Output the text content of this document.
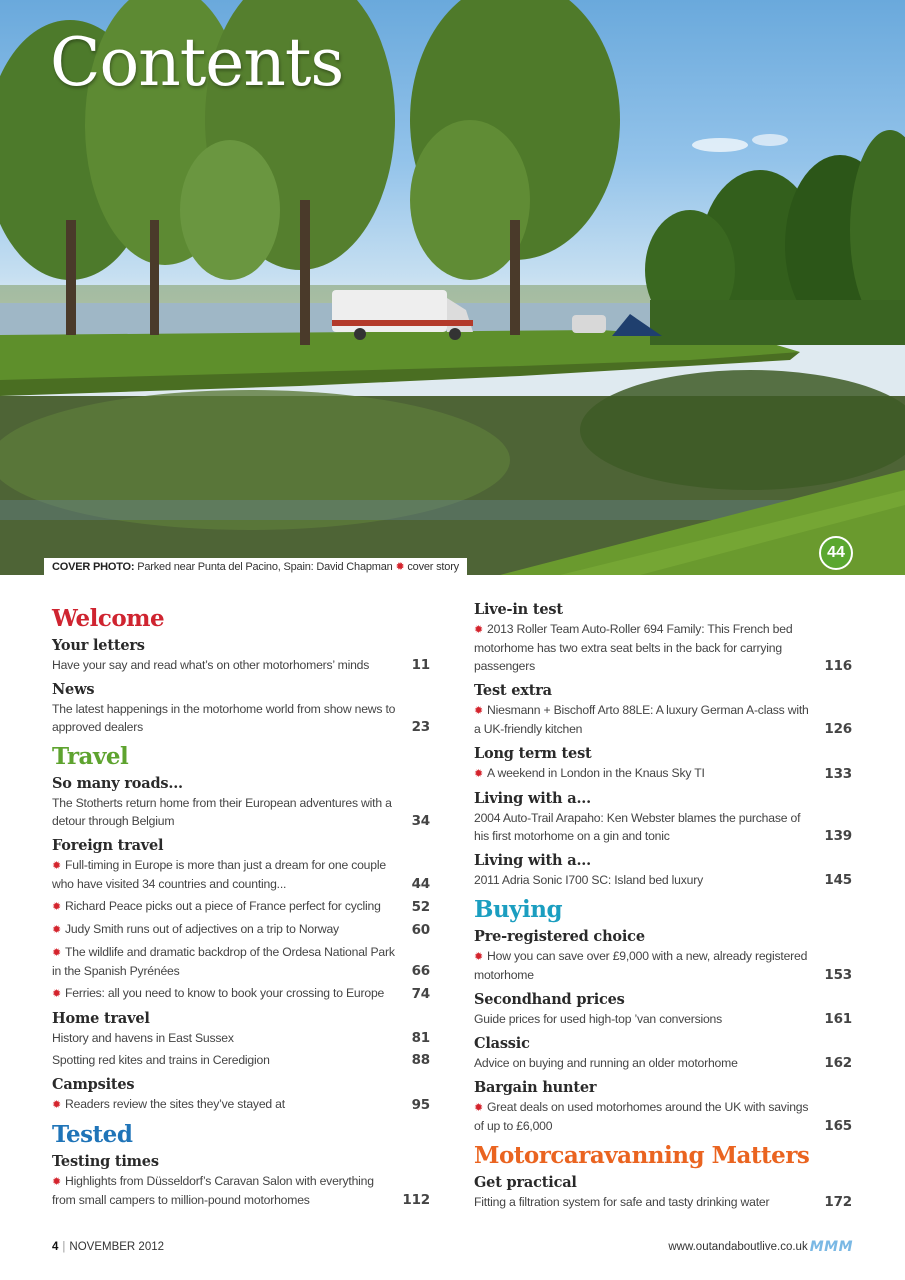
Contents
COVER PHOTO: Parked near Punta del Pacino, Spain: David Chapman ✹ cover story
44
Welcome
Your letters
Have your say and read what’s on other motorhomers’ minds	11
News
The latest happenings in the motorhome world from show news to approved dealers	23
Travel
So many roads...
The Stotherts return home from their European adventures with a detour through Belgium	34
Foreign travel
✹ Full-timing in Europe is more than just a dream for one couple who have visited 34 countries and counting...	44
✹ Richard Peace picks out a piece of France perfect for cycling	52
✹ Judy Smith runs out of adjectives on a trip to Norway	60
✹ The wildlife and dramatic backdrop of the Ordesa National Park in the Spanish Pyrénées	66
✹ Ferries: all you need to know to book your crossing to Europe	74
Home travel
History and havens in East Sussex	81
Spotting red kites and trains in Ceredigion	88
Campsites
✹ Readers review the sites they’ve stayed at	95
Tested
Testing times
✹ Highlights from Düsseldorf’s Caravan Salon with everything from small campers to million-pound motorhomes	112
Live-in test
✹ 2013 Roller Team Auto-Roller 694 Family: This French bed motorhome has two extra seat belts in the back for carrying passengers	116
Test extra
✹ Niesmann + Bischoff Arto 88LE: A luxury German A-class with a UK-friendly kitchen	126
Long term test
✹ A weekend in London in the Knaus Sky TI	133
Living with a...
2004 Auto-Trail Arapaho: Ken Webster blames the purchase of his first motorhome on a gin and tonic	139
Living with a...
2011 Adria Sonic I700 SC: Island bed luxury	145
Buying
Pre-registered choice
✹ How you can save over £9,000 with a new, already registered motorhome	153
Secondhand prices
Guide prices for used high-top ’van conversions	161
Classic
Advice on buying and running an older motorhome	162
Bargain hunter
✹ Great deals on used motorhomes around the UK with savings of up to £6,000	165
Motorcaravanning Matters
Get practical
Fitting a filtration system for safe and tasty drinking water	172
4 | NOVEMBER 2012	www.outandaboutlive.co.uk MMM
